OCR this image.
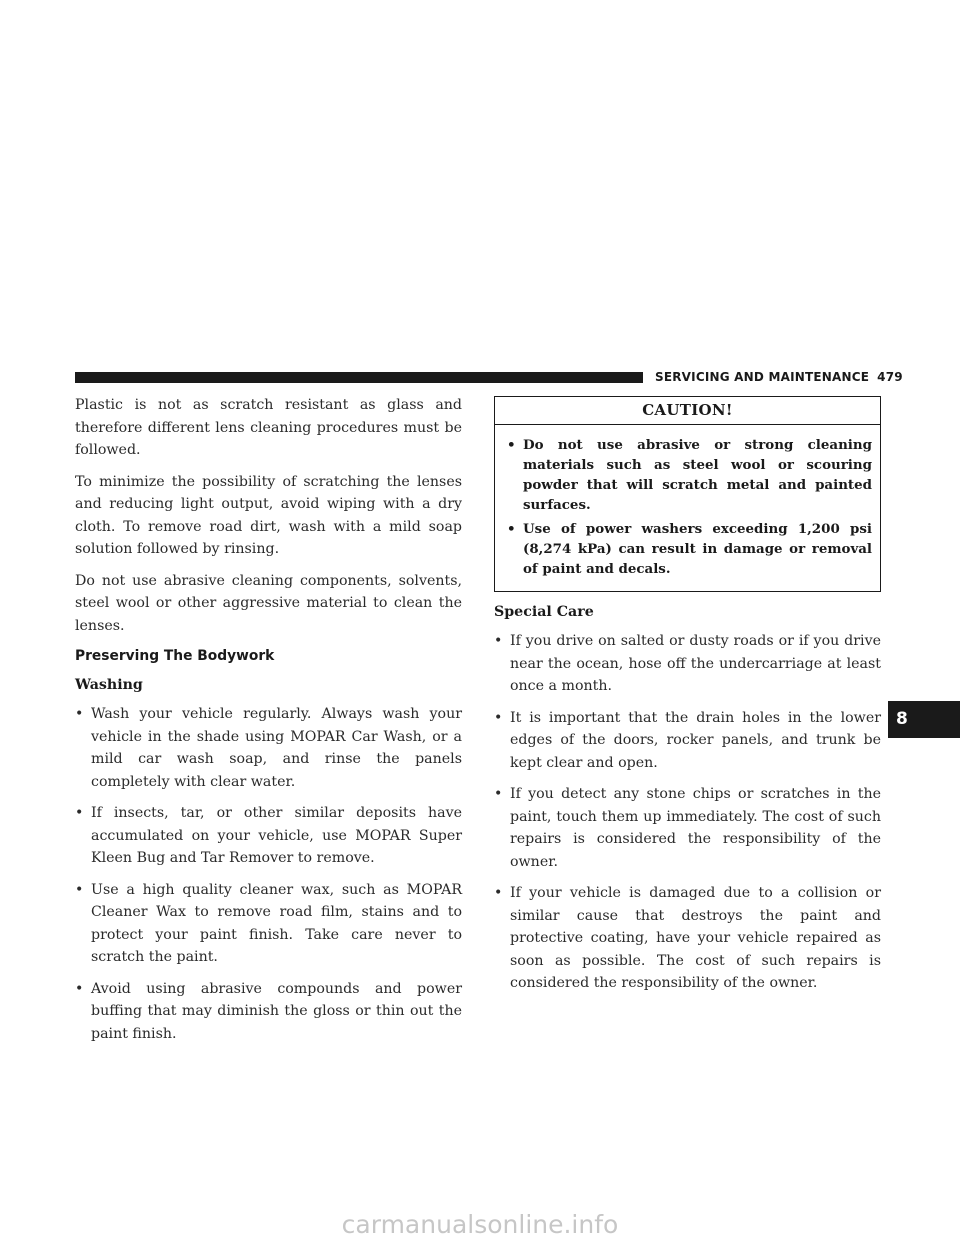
SERVICING AND MAINTENANCE 479

Plastic is not as scratch resistant as glass and therefore different lens cleaning procedures must be followed.

To minimize the possibility of scratching the lenses and reducing light output, avoid wiping with a dry cloth. To remove road dirt, wash with a mild soap solution followed by rinsing.

Do not use abrasive cleaning components, solvents, steel wool or other aggressive material to clean the lenses.

Preserving The Bodywork
Washing
• Wash your vehicle regularly. Always wash your vehicle in the shade using MOPAR Car Wash, or a mild car wash soap, and rinse the panels completely with clear water.
• If insects, tar, or other similar deposits have accumulated on your vehicle, use MOPAR Super Kleen Bug and Tar Remover to remove.
• Use a high quality cleaner wax, such as MOPAR Cleaner Wax to remove road film, stains and to protect your paint finish. Take care never to scratch the paint.
• Avoid using abrasive compounds and power buffing that may diminish the gloss or thin out the paint finish.
CAUTION!
• Do not use abrasive or strong cleaning materials such as steel wool or scouring powder that will scratch metal and painted surfaces.
• Use of power washers exceeding 1,200 psi (8,274 kPa) can result in damage or removal of paint and decals.
Special Care
• If you drive on salted or dusty roads or if you drive near the ocean, hose off the undercarriage at least once a month.
• It is important that the drain holes in the lower edges of the doors, rocker panels, and trunk be kept clear and open.
• If you detect any stone chips or scratches in the paint, touch them up immediately. The cost of such repairs is considered the responsibility of the owner.
• If your vehicle is damaged due to a collision or similar cause that destroys the paint and protective coating, have your vehicle repaired as soon as possible. The cost of such repairs is considered the responsibility of the owner.
8
carmanualsonline.info
